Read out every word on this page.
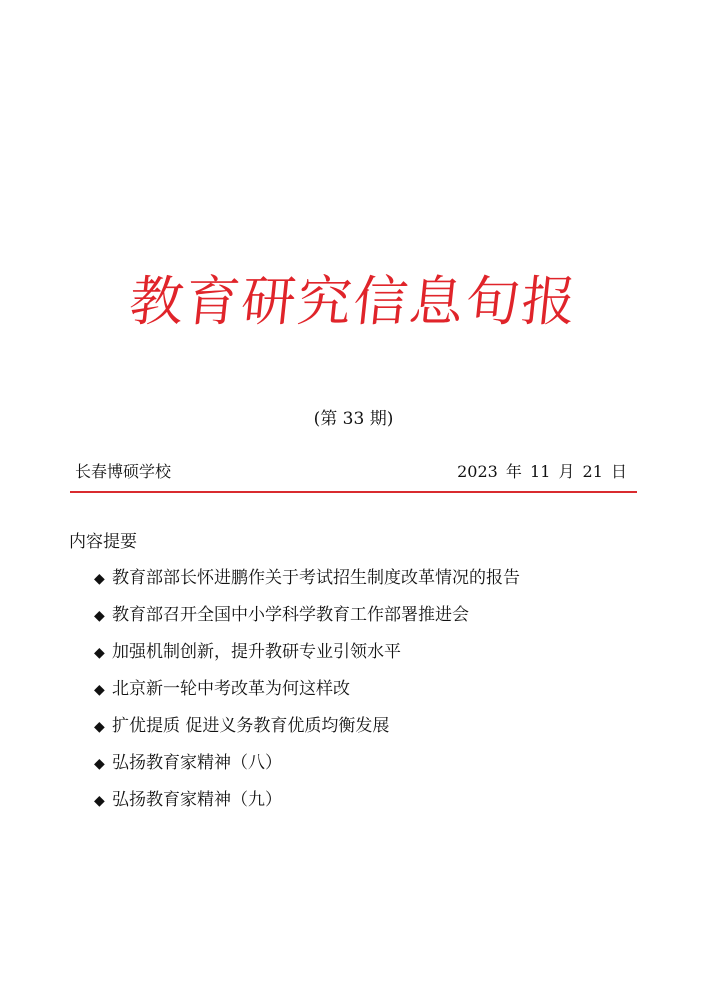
教育研究信息旬报
(第 33 期)
长春博硕学校	2023 年 11 月 21 日
内容提要
◆ 教育部部长怀进鹏作关于考试招生制度改革情况的报告
◆ 教育部召开全国中小学科学教育工作部署推进会
◆ 加强机制创新，提升教研专业引领水平
◆ 北京新一轮中考改革为何这样改
◆ 扩优提质 促进义务教育优质均衡发展
◆ 弘扬教育家精神（八）
◆ 弘扬教育家精神（九）
